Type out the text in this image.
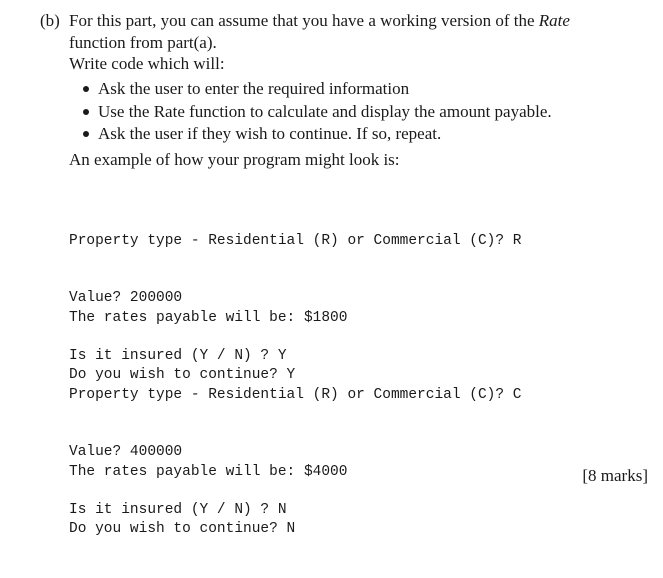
(b) For this part, you can assume that you have a working version of the Rate function from part(a).
Write code which will:
Ask the user to enter the required information
Use the Rate function to calculate and display the amount payable.
Ask the user if they wish to continue. If so, repeat.
An example of how your program might look is:

Property type - Residential (R) or Commercial (C)? R

Value? 200000

Is it insured (Y / N) ? Y

The rates payable will be: $1800

Do you wish to continue? Y

Property type - Residential (R) or Commercial (C)? C

Value? 400000

Is it insured (Y / N) ? N

The rates payable will be: $4000

Do you wish to continue? N

[8 marks]
